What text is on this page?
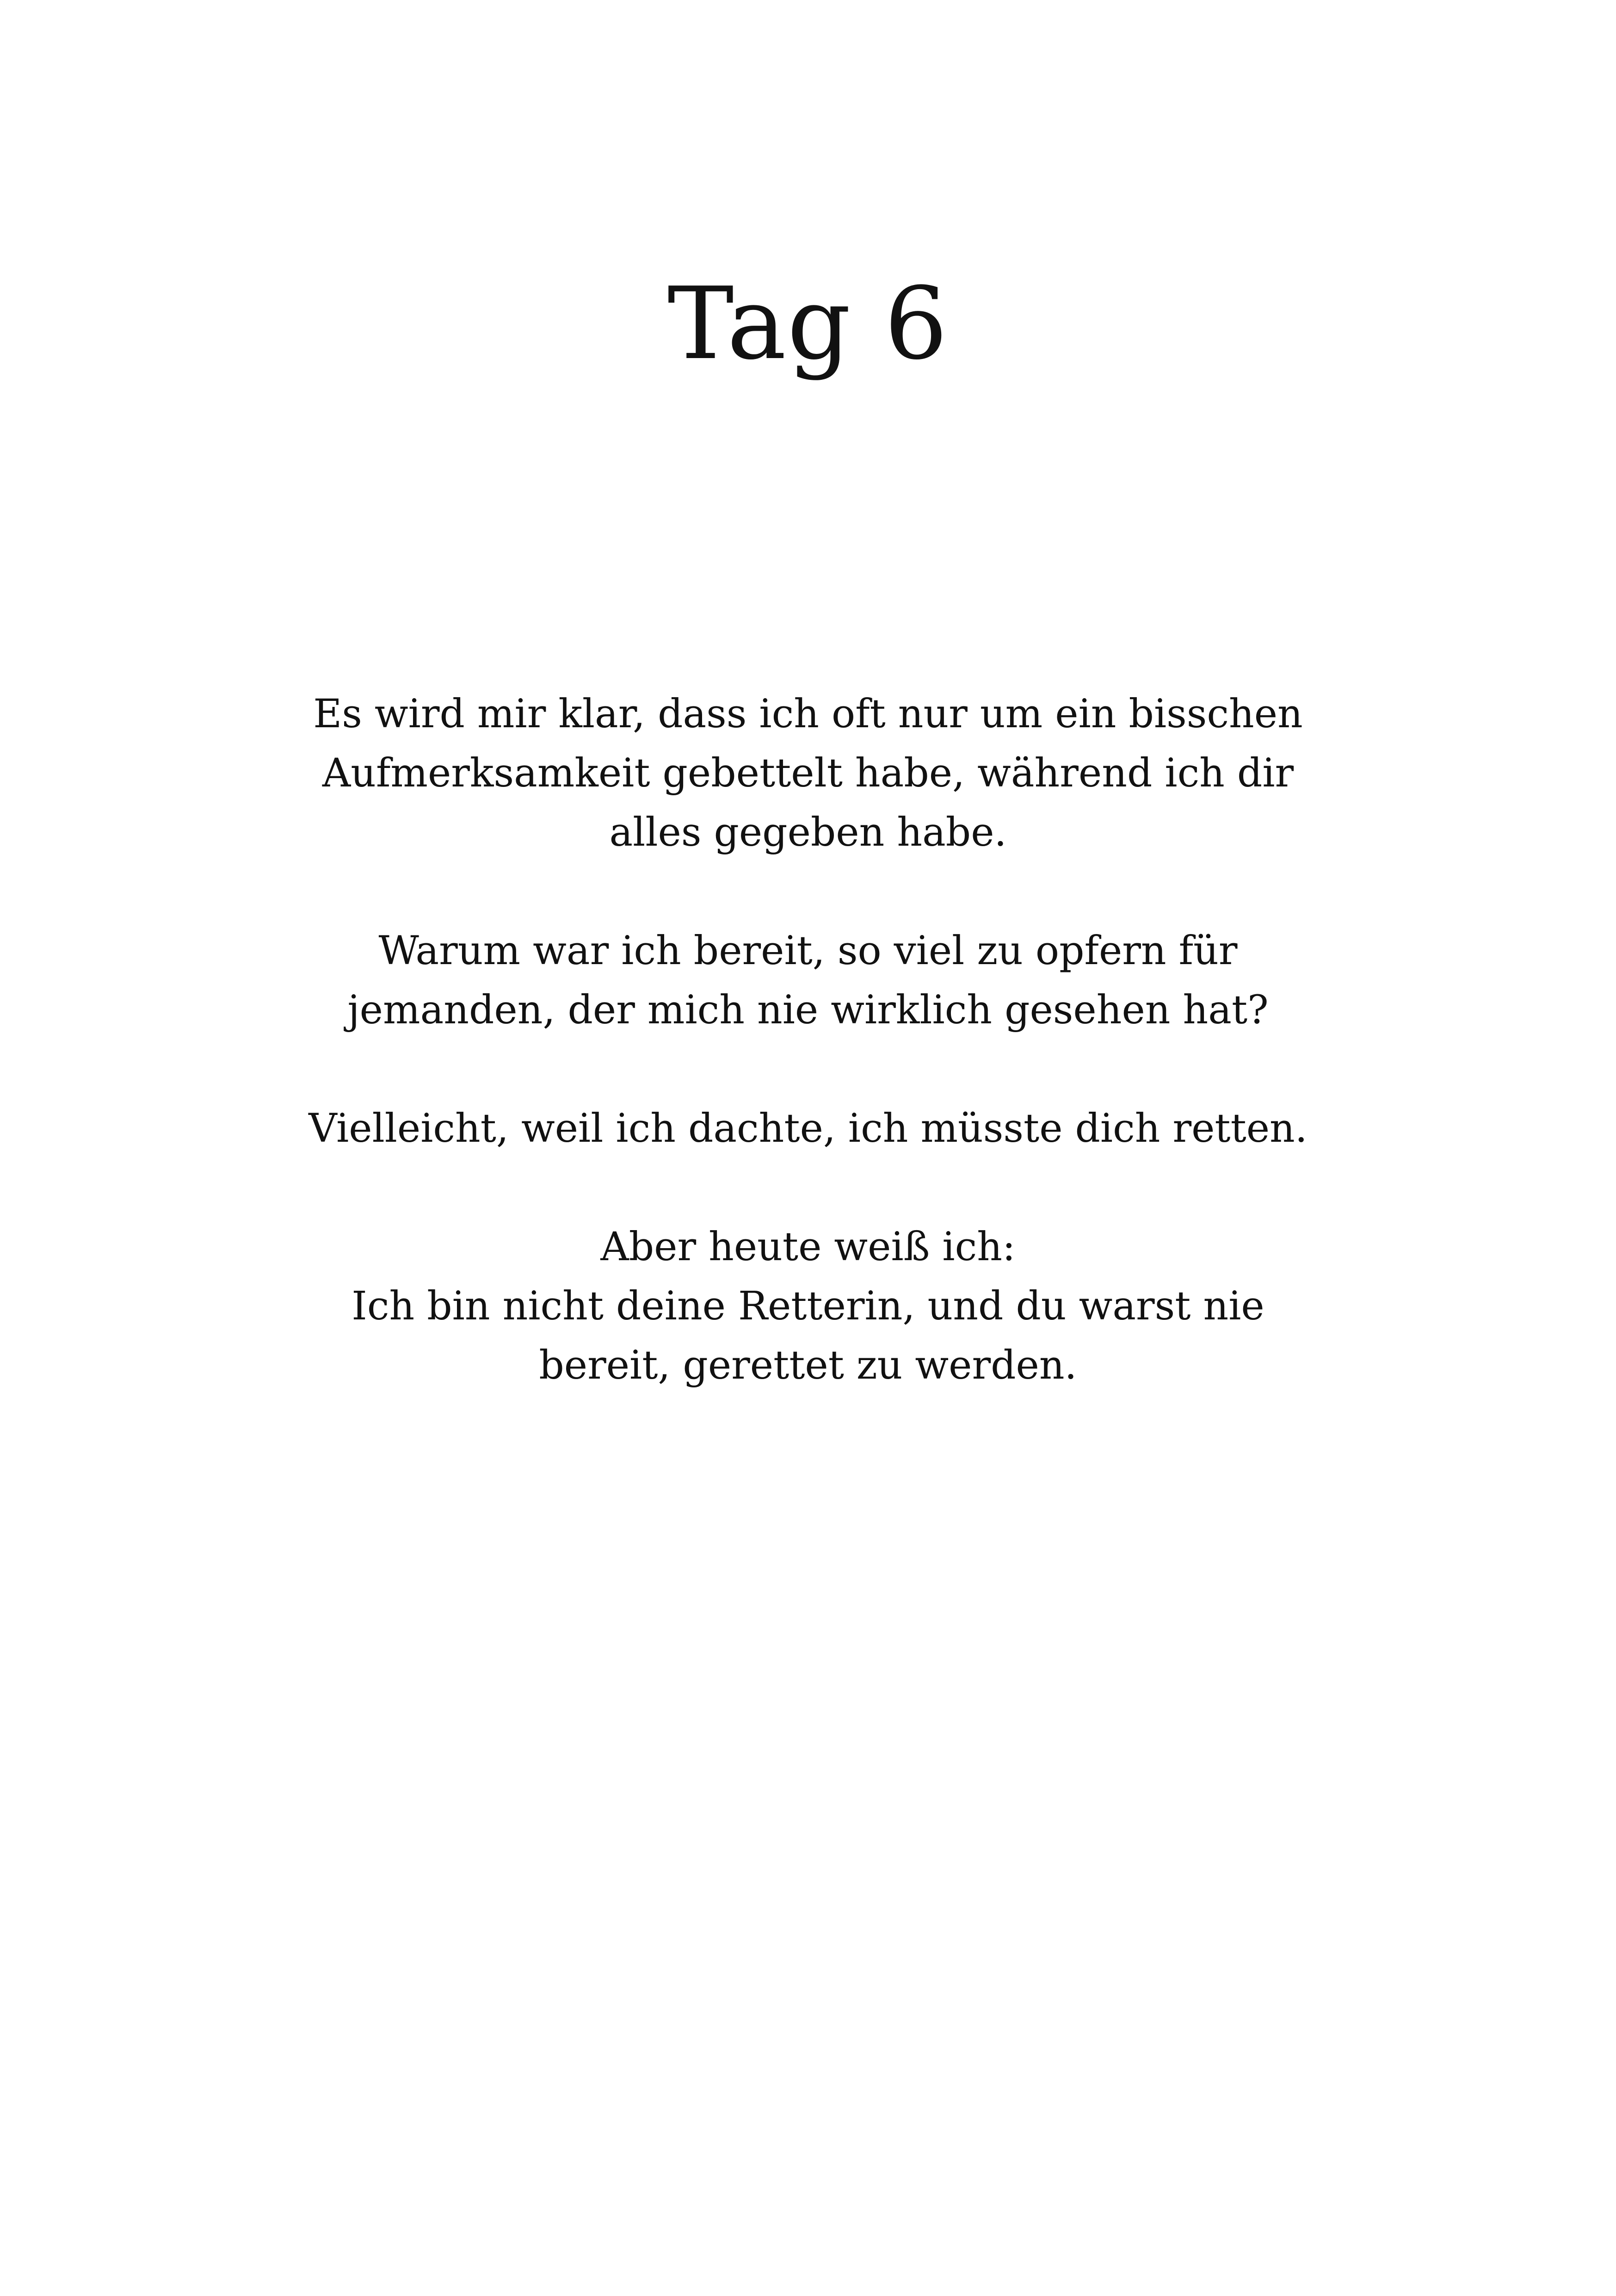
Tag 6

Es wird mir klar, dass ich oft nur um ein bisschen
Aufmerksamkeit gebettelt habe, während ich dir
alles gegeben habe.

Warum war ich bereit, so viel zu opfern für
jemanden, der mich nie wirklich gesehen hat?

Vielleicht, weil ich dachte, ich müsste dich retten.

Aber heute weiß ich:
Ich bin nicht deine Retterin, und du warst nie
bereit, gerettet zu werden.
